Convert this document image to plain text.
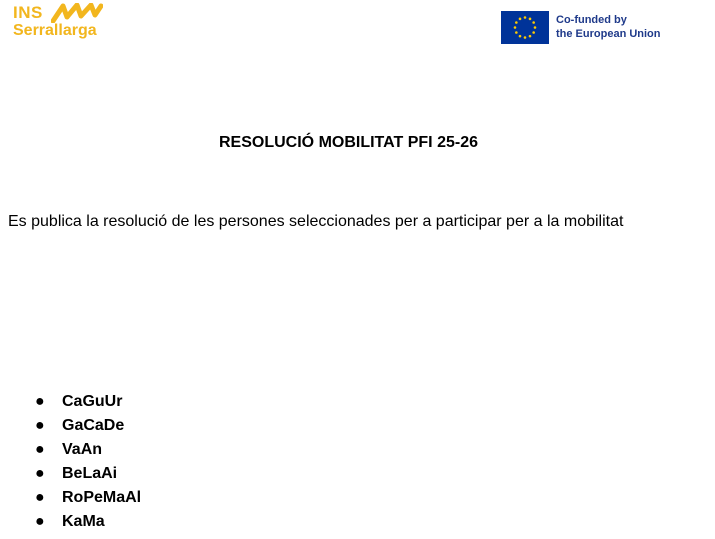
INS
Serrallarga
Co-funded by
the European Union
RESOLUCIÓ MOBILITAT PFI 25-26
Es publica la resolució de les persones seleccionades per a participar per a la mobilitat
● CaGuUr
● GaCaDe
● VaAn
● BeLaAi
● RoPeMaAl
● KaMa
